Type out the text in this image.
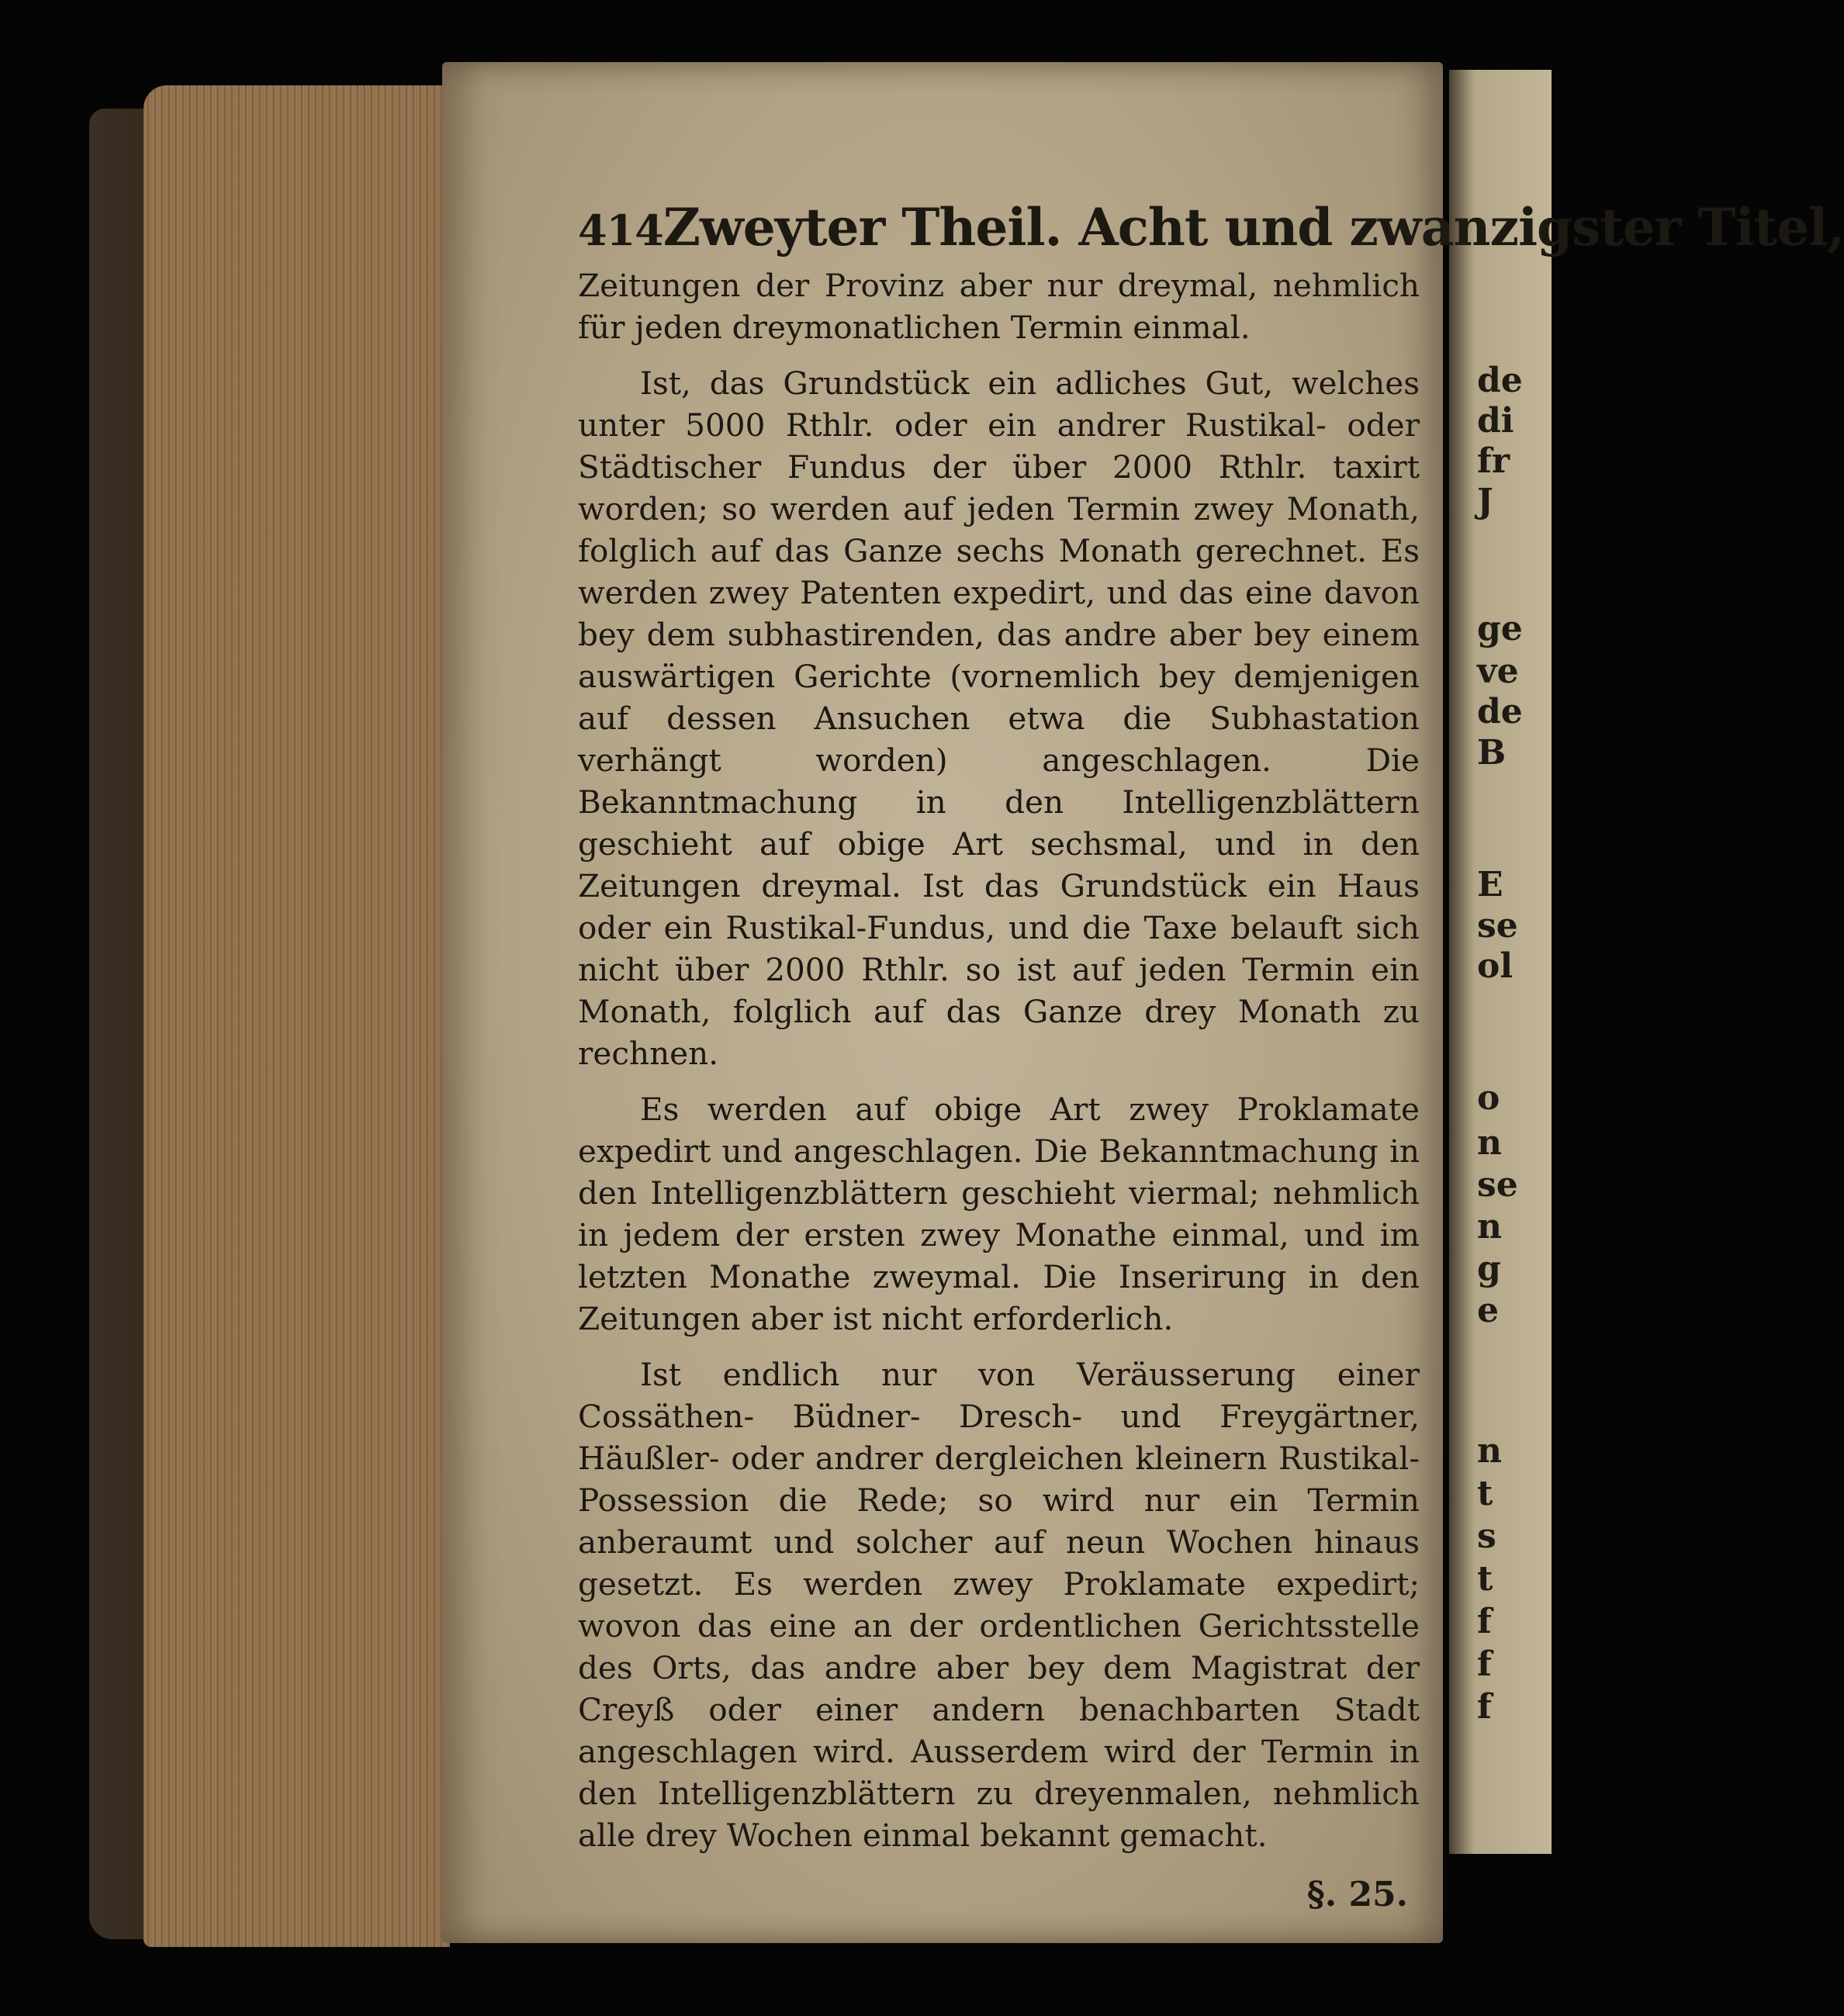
de
di
fr
J
ge
ve
de
B
E
se
ol
o
n
se
n
g
e
n
t
s
t
f
f
f
414 Zweyter Theil. Acht und zwanzigster Titel,

Zeitungen der Provinz aber nur dreymal, nehmlich für jeden dreymonatlichen Termin einmal.

Ist, das Grundstück ein adliches Gut, welches unter 5000 Rthlr. oder ein andrer Rustikal- oder Städtischer Fundus der über 2000 Rthlr. taxirt worden; so werden auf jeden Termin zwey Monath, folglich auf das Ganze sechs Monath gerechnet. Es werden zwey Patenten expedirt, und das eine davon bey dem subhastirenden, das andre aber bey einem auswärtigen Gerichte (vornemlich bey demjenigen auf dessen Ansuchen etwa die Subhastation verhängt worden) angeschlagen. Die Bekanntmachung in den Intelligenzblättern geschieht auf obige Art sechsmal, und in den Zeitungen dreymal. Ist das Grundstück ein Haus oder ein Rustikal-Fundus, und die Taxe belauft sich nicht über 2000 Rthlr. so ist auf jeden Termin ein Monath, folglich auf das Ganze drey Monath zu rechnen.

Es werden auf obige Art zwey Proklamate expedirt und angeschlagen. Die Bekanntmachung in den Intelligenzblättern geschieht viermal; nehmlich in jedem der ersten zwey Monathe einmal, und im letzten Monathe zweymal. Die Inserirung in den Zeitungen aber ist nicht erforderlich.

Ist endlich nur von Veräusserung einer Cossäthen- Büdner- Dresch- und Freygärtner, Häußler- oder andrer dergleichen kleinern Rustikal-Possession die Rede; so wird nur ein Termin anberaumt und solcher auf neun Wochen hinaus gesetzt. Es werden zwey Proklamate expedirt; wovon das eine an der ordentlichen Gerichtsstelle des Orts, das andre aber bey dem Magistrat der Creyß oder einer andern benachbarten Stadt angeschlagen wird. Ausserdem wird der Termin in den Intelligenzblättern zu dreyenmalen, nehmlich alle drey Wochen einmal bekannt gemacht.

§. 25.
